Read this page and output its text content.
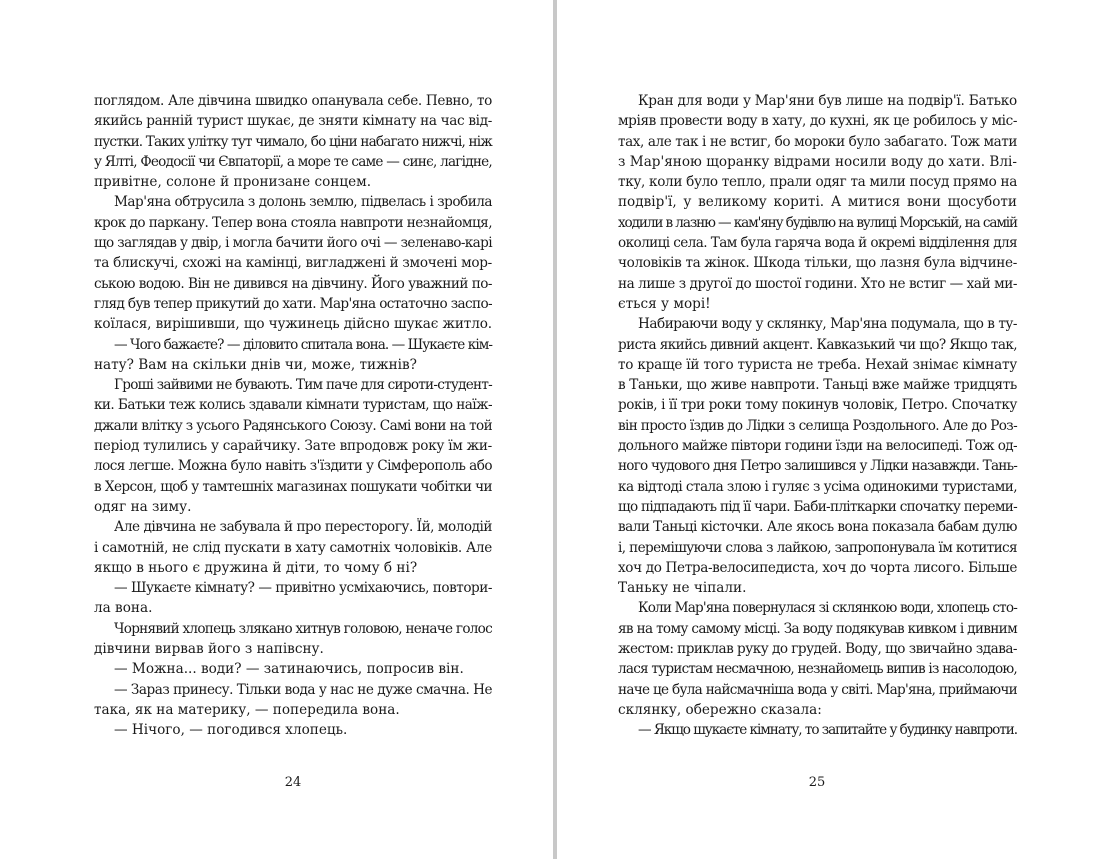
поглядом. Але дівчина швидко опанувала себе. Певно, то
якийсь ранній турист шукає, де зняти кімнату на час від-
пустки. Таких улітку тут чимало, бо ціни набагато нижчі, ніж
у Ялті, Феодосії чи Євпаторії, а море те саме — синє, лагідне,
привітне, солоне й пронизане сонцем.
Мар'яна обтрусила з долонь землю, підвелась і зробила
крок до паркану. Тепер вона стояла навпроти незнайомця,
що заглядав у двір, і могла бачити його очі — зеленаво-карі
та блискучі, схожі на камінці, вигладжені й змочені мор-
ською водою. Він не дивився на дівчину. Його уважний по-
гляд був тепер прикутий до хати. Мар'яна остаточно заспо-
коїлася, вирішивши, що чужинець дійсно шукає житло.
— Чого бажаєте? — діловито спитала вона. — Шукаєте кім-
нату? Вам на скільки днів чи, може, тижнів?
Гроші зайвими не бувають. Тим паче для сироти-студент-
ки. Батьки теж колись здавали кімнати туристам, що наїж-
джали влітку з усього Радянського Союзу. Самі вони на той
період тулились у сарайчику. Зате впродовж року їм жи-
лося легше. Можна було навіть з'їздити у Сімферополь або
в Херсон, щоб у тамтешніх магазинах пошукати чобітки чи
одяг на зиму.
Але дівчина не забувала й про пересторогу. Їй, молодій
і самотній, не слід пускати в хату самотніх чоловіків. Але
якщо в нього є дружина й діти, то чому б ні?
— Шукаєте кімнату? — привітно усміхаючись, повтори-
ла вона.
Чорнявий хлопець злякано хитнув головою, неначе голос
дівчини вирвав його з напівсну.
— Можна... води? — затинаючись, попросив він.
— Зараз принесу. Тільки вода у нас не дуже смачна. Не
така, як на материку, — попередила вона.
— Нічого, — погодився хлопець.
24
Кран для води у Мар'яни був лише на подвір'ї. Батько
мріяв провести воду в хату, до кухні, як це робилось у міс-
тах, але так і не встиг, бо мороки було забагато. Тож мати
з Мар'яною щоранку відрами носили воду до хати. Влі-
тку, коли було тепло, прали одяг та мили посуд прямо на
подвір'ї, у великому кориті. А митися вони щосуботи
ходили в лазню — кам'яну будівлю на вулиці Морській, на самій
околиці села. Там була гаряча вода й окремі відділення для
чоловіків та жінок. Шкода тільки, що лазня була відчине-
на лише з другої до шостої години. Хто не встиг — хай ми-
ється у морі!
Набираючи воду у склянку, Мар'яна подумала, що в ту-
риста якийсь дивний акцент. Кавказький чи що? Якщо так,
то краще їй того туриста не треба. Нехай знімає кімнату
в Таньки, що живе навпроти. Таньці вже майже тридцять
років, і її три роки тому покинув чоловік, Петро. Спочатку
він просто їздив до Лідки з селища Роздольного. Але до Роз-
дольного майже півтори години їзди на велосипеді. Тож од-
ного чудового дня Петро залишився у Лідки назавжди. Тань-
ка відтоді стала злою і гуляє з усіма одинокими туристами,
що підпадають під її чари. Баби-пліткарки спочатку переми-
вали Таньці кісточки. Але якось вона показала бабам дулю
і, перемішуючи слова з лайкою, запропонувала їм котитися
хоч до Петра-велосипедиста, хоч до чорта лисого. Більше
Таньку не чіпали.
Коли Мар'яна повернулася зі склянкою води, хлопець сто-
яв на тому самому місці. За воду подякував кивком і дивним
жестом: приклав руку до грудей. Воду, що звичайно здава-
лася туристам несмачною, незнайомець випив із насолодою,
наче це була найсмачніша вода у світі. Мар'яна, приймаючи
склянку, обережно сказала:
— Якщо шукаєте кімнату, то запитайте у будинку навпроти.
25
